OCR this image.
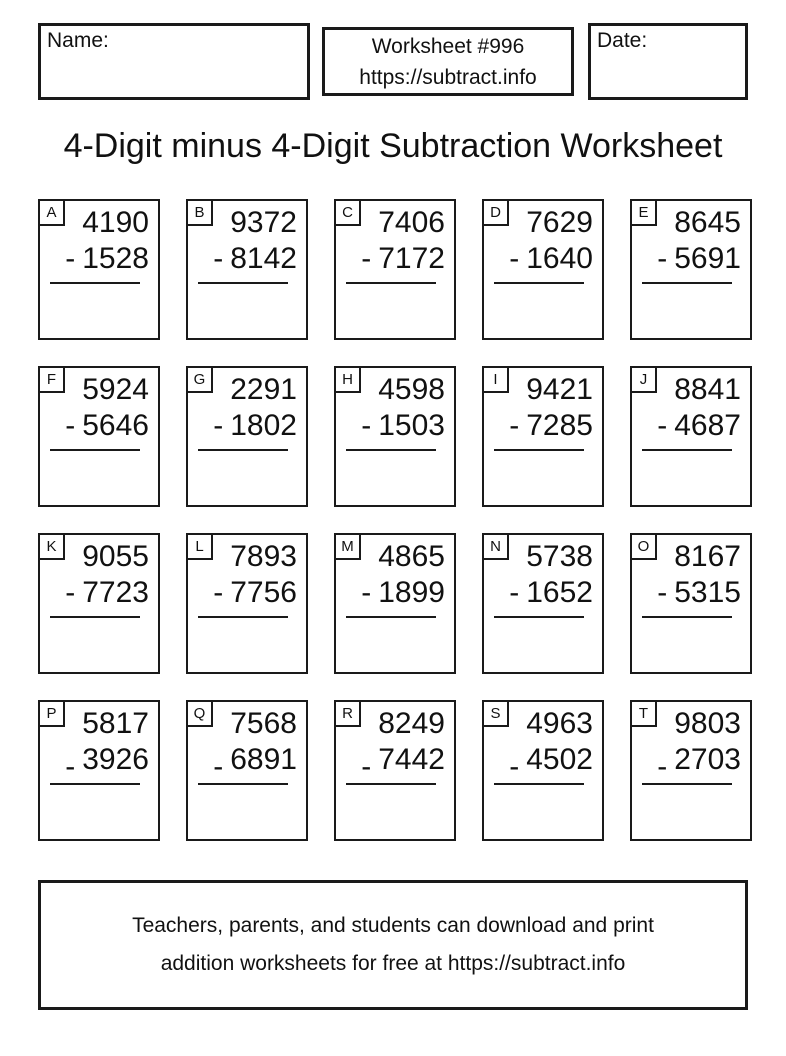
Name:	Worksheet #996
https://subtract.info
Date:
4-Digit minus 4-Digit Subtraction Worksheet
A 4190
- 1528
B 9372
- 8142
C 7406
- 7172
D 7629
- 1640
E 8645
- 5691
F 5924
- 5646
G 2291
- 1802
H 4598
- 1503
I 9421
- 7285
J 8841
- 4687
K 9055
- 7723
L 7893
- 7756
M 4865
- 1899
N 5738
- 1652
O 8167
- 5315
P 5817
- 3926
Q 7568
- 6891
R 8249
- 7442
S 4963
- 4502
T 9803
- 2703
Teachers, parents, and students can download and print
addition worksheets for free at https://subtract.info
